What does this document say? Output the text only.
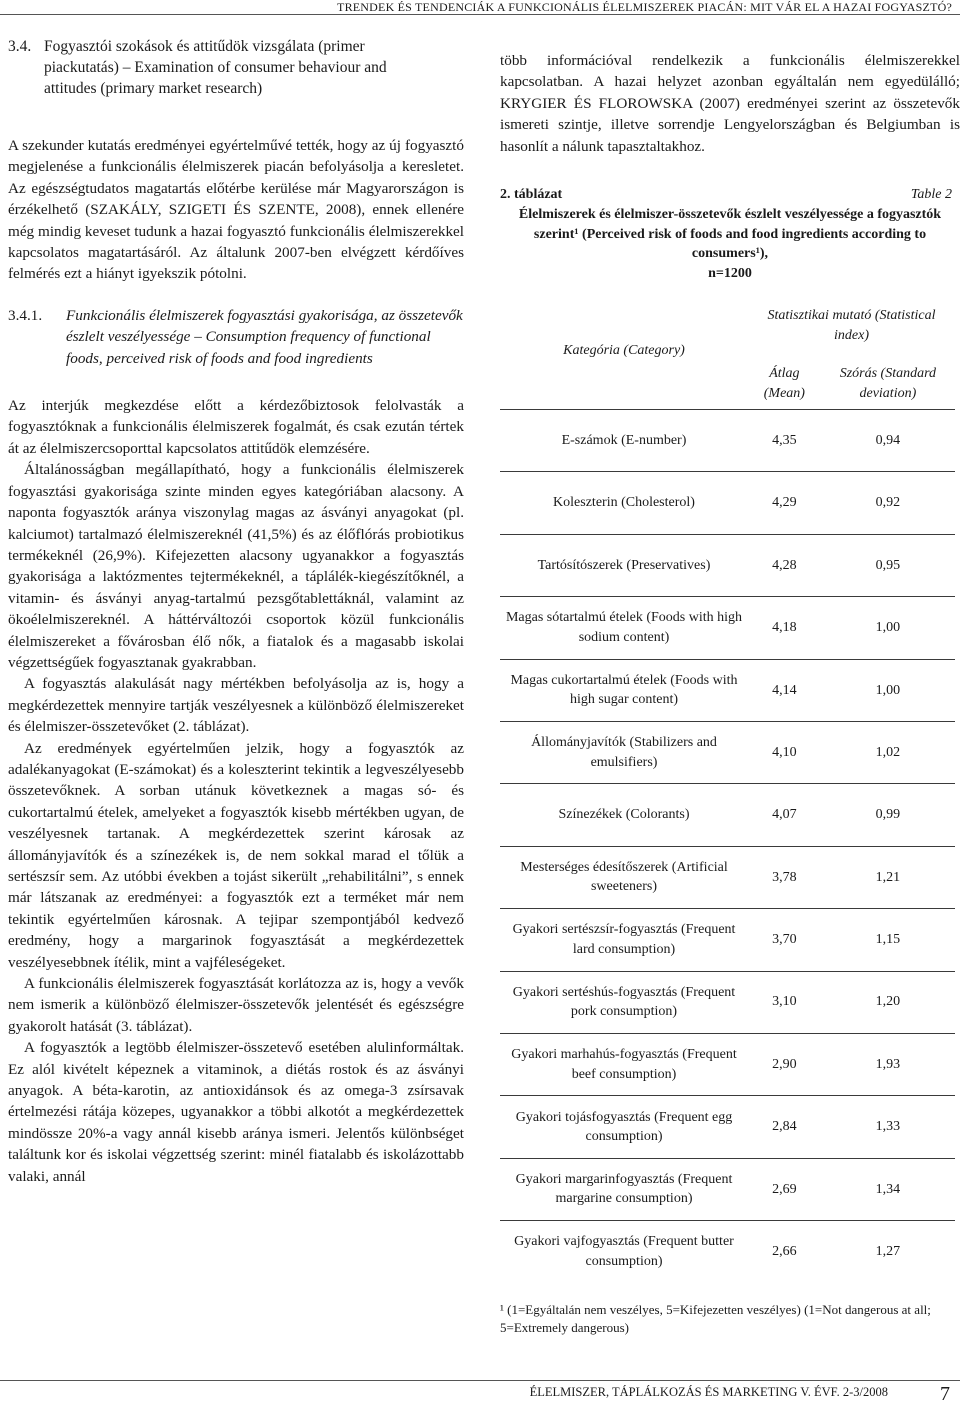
TRENDEK ÉS TENDENCIÁK A FUNKCIONÁLIS ÉLELMISZEREK PIACÁN: MIT VÁR EL A HAZAI FOGYASZTÓ?
3.4. Fogyasztói szokások és attitűdök vizsgálata (primer
piackutatás) – Examination of consumer behaviour and
attitudes (primary market research)

A szekunder kutatás eredményei egyértelművé tették, hogy az új fogyasztó megjelenése a funkcionális élelmiszerek piacán befolyásolja a keresletet. Az egészségtudatos magatartás előtérbe kerülése már Magyarországon is érzékelhető (SZAKÁLY, SZIGETI ÉS SZENTE, 2008), ennek ellenére még mindig keveset tudunk a hazai fogyasztó funkcionális élelmiszerekkel kapcsolatos magatartásáról. Az általunk 2007-ben elvégzett kérdőíves felmérés ezt a hiányt igyekszik pótolni.

3.4.1.	Funkcionális élelmiszerek fogyasztási gyakorisága, az összetevők észlelt veszélyessége – Consumption frequency of functional foods, perceived risk of foods and food ingredients

Az interjúk megkezdése előtt a kérdezőbiztosok felolvasták a fogyasztóknak a funkcionális élelmiszerek fogalmát, és csak ezután tértek át az élelmiszercsoporttal kapcsolatos attitűdök elemzésére.

Általánosságban megállapítható, hogy a funkcionális élelmiszerek fogyasztási gyakorisága szinte minden egyes kategóriában alacsony. A naponta fogyasztók aránya viszonylag magas az ásványi anyagokat (pl. kalciumot) tartalmazó élelmiszereknél (41,5%) és az élőflórás probiotikus termékeknél (26,9%). Kifejezetten alacsony ugyanakkor a fogyasztás gyakorisága a laktózmentes tejtermékeknél, a táplálék-kiegészítőknél, a vitamin- és ásványi anyag-tartalmú pezsgőtablettáknál, valamint az ökoélelmiszereknél. A háttérváltozói csoportok közül funkcionális élelmiszereket a fővárosban élő nők, a fiatalok és a magasabb iskolai végzettségűek fogyasztanak gyakrabban.

A fogyasztás alakulását nagy mértékben befolyásolja az is, hogy a megkérdezettek mennyire tartják veszélyesnek a különböző élelmiszereket és élelmiszer-összetevőket (2. táblázat).

Az eredmények egyértelműen jelzik, hogy a fogyasztók az adalékanyagokat (E-számokat) és a koleszterint tekintik a legveszélyesebb összetevőknek. A sorban utánuk következnek a magas só- és cukortartalmú ételek, amelyeket a fogyasztók kisebb mértékben ugyan, de veszélyesnek tartanak. A megkérdezettek szerint károsak az állományjavítók és a színezékek is, de nem sokkal marad el tőlük a sertészsír sem. Az utóbbi években a tojást sikerült „rehabilitálni”, s ennek már látszanak az eredményei: a fogyasztók ezt a terméket már nem tekintik egyértelműen károsnak. A tejipar szempontjából kedvező eredmény, hogy a margarinok fogyasztását a megkérdezettek veszélyesebbnek ítélik, mint a vajféleségeket.

A funkcionális élelmiszerek fogyasztását korlátozza az is, hogy a vevők nem ismerik a különböző élelmiszer-összetevők jelentését és egészségre gyakorolt hatását (3. táblázat).

A fogyasztók a legtöbb élelmiszer-összetevő esetében alulinformáltak. Ez alól kivételt képeznek a vitaminok, a diétás rostok és az ásványi anyagok. A béta-karotin, az antioxidánsok és az omega-3 zsírsavak értelmezési rátája közepes, ugyanakkor a többi alkotót a megkérdezettek mindössze 20%-a vagy annál kisebb aránya ismeri. Jelentős különbséget találtunk kor és iskolai végzettség szerint: minél fiatalabb és iskolázottabb valaki, annál

több információval rendelkezik a funkcionális élelmiszerekkel kapcsolatban. A hazai helyzet azonban egyáltalán nem egyedülálló; KRYGIER ÉS FLOROWSKA (2007) eredményei szerint az összetevők ismereti szintje, illetve sorrendje Lengyelországban és Belgiumban is hasonlít a nálunk tapasztaltakhoz.

2. táblázat	Table 2
Élelmiszerek és élelmiszer-összetevők észlelt veszélyessége a fogyasztók szerint¹ (Perceived risk of foods and food ingredients according to consumers¹),
n=1200
Kategória (Category)	Statisztikai mutató (Statistical index)	
	Átlag (Mean)	Szórás (Standard deviation)
E-számok (E-number)	4,35	0,94
Koleszterin (Cholesterol)	4,29	0,92
Tartósítószerek (Preservatives)	4,28	0,95
Magas sótartalmú ételek (Foods with high sodium content)	4,18	1,00
Magas cukortartalmú ételek (Foods with high sugar content)	4,14	1,00
Állományjavítók (Stabilizers and emulsifiers)	4,10	1,02
Színezékek (Colorants)	4,07	0,99
Mesterséges édesítőszerek (Artificial sweeteners)	3,78	1,21
Gyakori sertészsír-fogyasztás (Frequent lard consumption)	3,70	1,15
Gyakori sertéshús-fogyasztás (Frequent pork consumption)	3,10	1,20
Gyakori marhahús-fogyasztás (Frequent beef consumption)	2,90	1,93
Gyakori tojásfogyasztás (Frequent egg consumption)	2,84	1,33
Gyakori margarinfogyasztás (Frequent margarine consumption)	2,69	1,34
Gyakori vajfogyasztás (Frequent butter consumption)	2,66	1,27
¹ (1=Egyáltalán nem veszélyes, 5=Kifejezetten veszélyes) (1=Not dangerous at all; 5=Extremely dangerous)
ÉLELMISZER, TÁPLÁLKOZÁS ÉS MARKETING V. ÉVF. 2-3/2008	7
